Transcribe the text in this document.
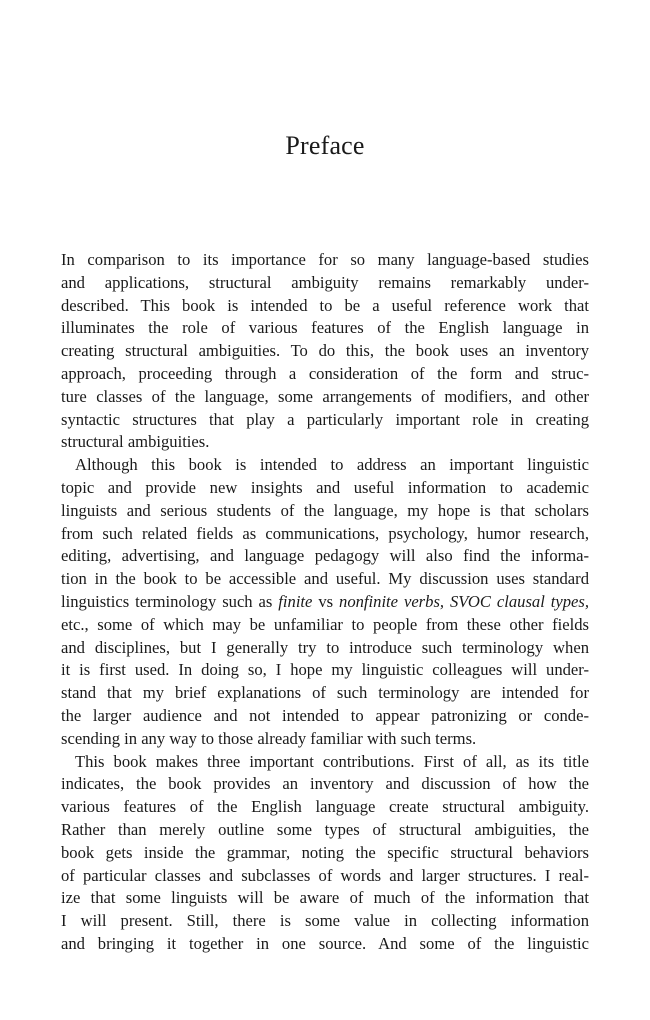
Preface
In comparison to its importance for so many language-based studies
and applications, structural ambiguity remains remarkably under-
described. This book is intended to be a useful reference work that
illuminates the role of various features of the English language in
creating structural ambiguities. To do this, the book uses an inventory
approach, proceeding through a consideration of the form and struc-
ture classes of the language, some arrangements of modifiers, and other
syntactic structures that play a particularly important role in creating
structural ambiguities.
Although this book is intended to address an important linguistic
topic and provide new insights and useful information to academic
linguists and serious students of the language, my hope is that scholars
from such related fields as communications, psychology, humor research,
editing, advertising, and language pedagogy will also find the informa-
tion in the book to be accessible and useful. My discussion uses standard
linguistics terminology such as finite vs nonfinite verbs, SVOC clausal types,
etc., some of which may be unfamiliar to people from these other fields
and disciplines, but I generally try to introduce such terminology when
it is first used. In doing so, I hope my linguistic colleagues will under-
stand that my brief explanations of such terminology are intended for
the larger audience and not intended to appear patronizing or conde-
scending in any way to those already familiar with such terms.
This book makes three important contributions. First of all, as its title
indicates, the book provides an inventory and discussion of how the
various features of the English language create structural ambiguity.
Rather than merely outline some types of structural ambiguities, the
book gets inside the grammar, noting the specific structural behaviors
of particular classes and subclasses of words and larger structures. I real-
ize that some linguists will be aware of much of the information that
I will present. Still, there is some value in collecting information
and bringing it together in one source. And some of the linguistic
